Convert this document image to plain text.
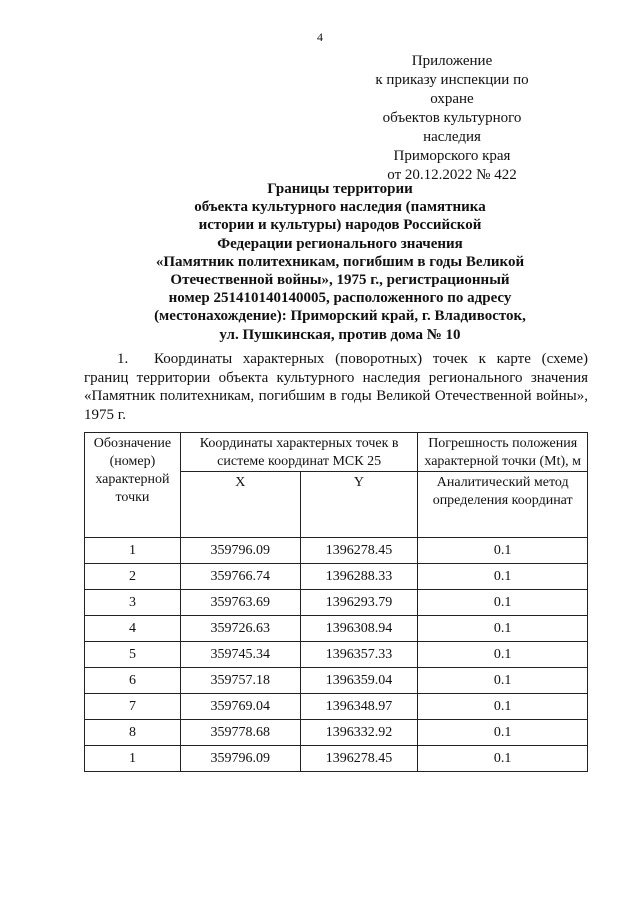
4
Приложение
к приказу инспекции по охране
объектов культурного наследия
Приморского края
от 20.12.2022 № 422
Границы территории
объекта культурного наследия (памятника
истории и культуры) народов Российской
Федерации регионального значения
«Памятник политехникам, погибшим в годы Великой
Отечественной войны», 1975 г., регистрационный
номер 251410140140005, расположенного по адресу
(местонахождение): Приморский край, г. Владивосток,
ул. Пушкинская, против дома № 10
1. Координаты характерных (поворотных) точек к карте (схеме) границ территории объекта культурного наследия регионального значения «Памятник политехникам, погибшим в годы Великой Отечественной войны», 1975 г.
Обозначение (номер) характерной точки	Координаты характерных точек в системе координат МСК 25		Погрешность положения характерной точки (Mt), м
	X	Y	Аналитический метод определения координат
1	359796.09	1396278.45	0.1
2	359766.74	1396288.33	0.1
3	359763.69	1396293.79	0.1
4	359726.63	1396308.94	0.1
5	359745.34	1396357.33	0.1
6	359757.18	1396359.04	0.1
7	359769.04	1396348.97	0.1
8	359778.68	1396332.92	0.1
1	359796.09	1396278.45	0.1
